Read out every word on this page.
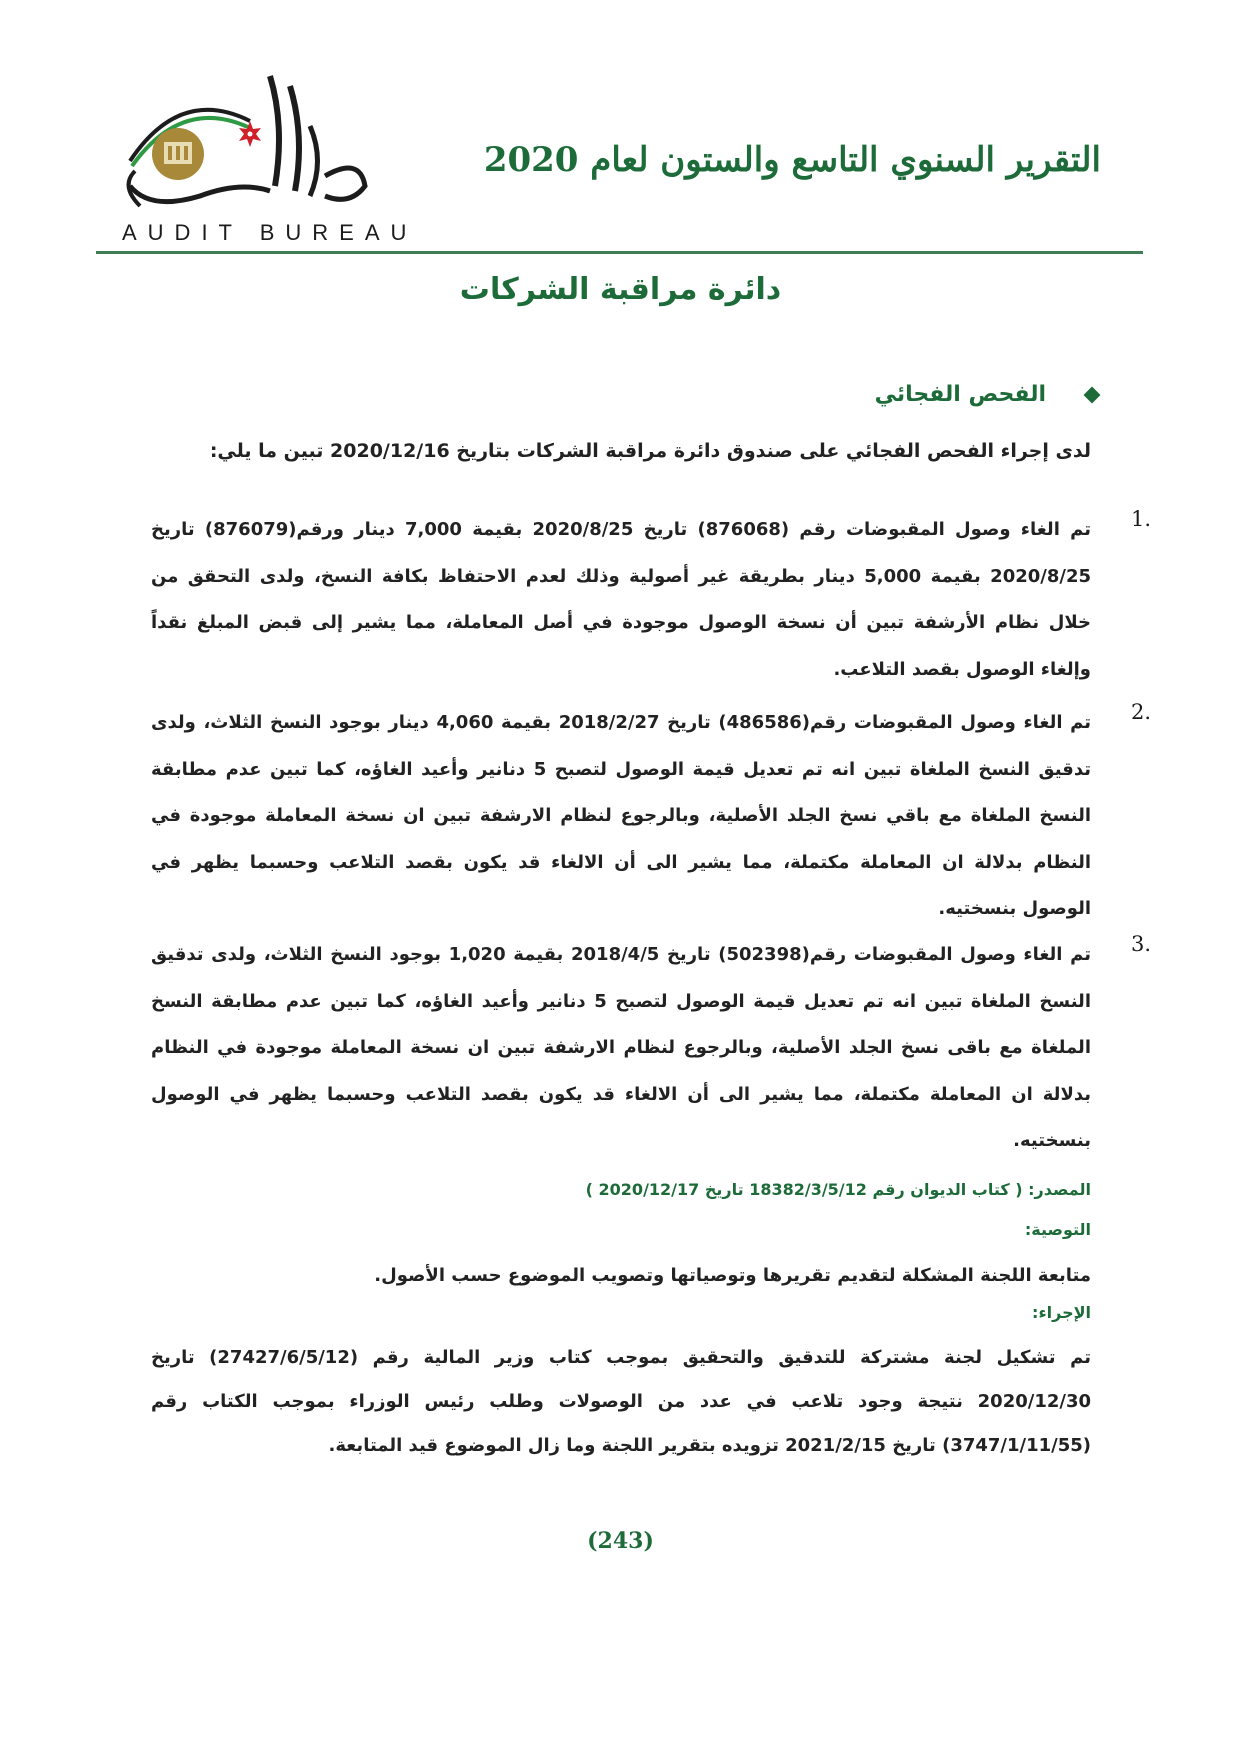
AUDIT BUREAU
التقرير السنوي التاسع والستون لعام 2020
دائرة مراقبة الشركات
الفحص الفجائي
لدى إجراء الفحص الفجائي على صندوق دائرة مراقبة الشركات بتاريخ 2020/12/16 تبين ما يلي:
1.
تم الغاء وصول المقبوضات رقم (876068) تاريخ 2020/8/25 بقيمة 7,000 دينار ورقم(876079) تاريخ 2020/8/25 بقيمة 5,000 دينار بطريقة غير أصولية وذلك لعدم الاحتفاظ بكافة النسخ، ولدى التحقق من خلال نظام الأرشفة تبين أن نسخة الوصول موجودة في أصل المعاملة، مما يشير إلى قبض المبلغ نقداً وإلغاء الوصول بقصد التلاعب.
2.
تم الغاء وصول المقبوضات رقم(486586) تاريخ 2018/2/27 بقيمة 4,060 دينار بوجود النسخ الثلاث، ولدى تدقيق النسخ الملغاة تبين انه تم تعديل قيمة الوصول لتصبح 5 دنانير وأعيد الغاؤه، كما تبين عدم مطابقة النسخ الملغاة مع باقي نسخ الجلد الأصلية، وبالرجوع لنظام الارشفة تبين ان نسخة المعاملة موجودة في النظام بدلالة ان المعاملة مكتملة، مما يشير الى أن الالغاء قد يكون بقصد التلاعب وحسبما يظهر في الوصول بنسختيه.
3.
تم الغاء وصول المقبوضات رقم(502398) تاريخ 2018/4/5 بقيمة 1,020 بوجود النسخ الثلاث، ولدى تدقيق النسخ الملغاة تبين انه تم تعديل قيمة الوصول لتصبح 5 دنانير وأعيد الغاؤه، كما تبين عدم مطابقة النسخ الملغاة مع باقى نسخ الجلد الأصلية، وبالرجوع لنظام الارشفة تبين ان نسخة المعاملة موجودة في النظام بدلالة ان المعاملة مكتملة، مما يشير الى أن الالغاء قد يكون بقصد التلاعب وحسبما يظهر في الوصول بنسختيه.
المصدر: ( كتاب الديوان رقم 18382/3/5/12 تاريخ 2020/12/17 )
التوصية:
متابعة اللجنة المشكلة لتقديم تقريرها وتوصياتها وتصويب الموضوع حسب الأصول.
الإجراء:
تم تشكيل لجنة مشتركة للتدقيق والتحقيق بموجب كتاب وزير المالية رقم (27427/6/5/12) تاريخ 2020/12/30 نتيجة وجود تلاعب في عدد من الوصولات وطلب رئيس الوزراء بموجب الكتاب رقم (3747/1/11/55) تاريخ 2021/2/15 تزويده بتقرير اللجنة وما زال الموضوع قيد المتابعة.
(243)
